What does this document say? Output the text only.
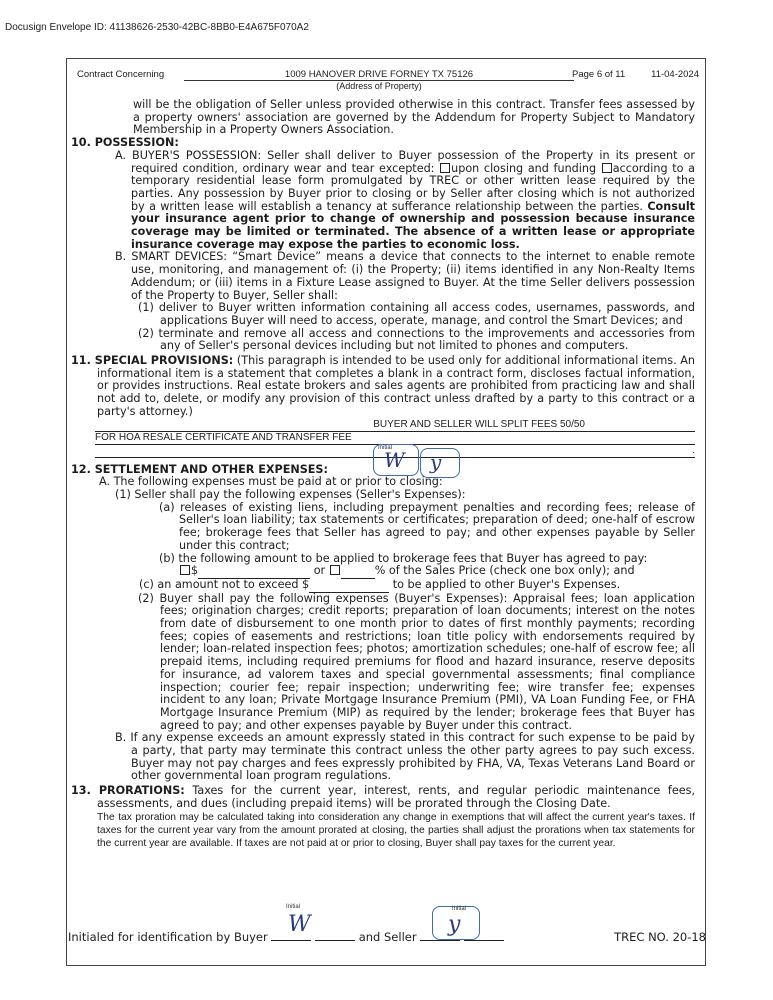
Docusign Envelope ID: 41138626-2530-42BC-8BB0-E4A675F070A2
Contract Concerning	1009 HANOVER DRIVE FORNEY TX 75126
(Address of Property)
Page 6 of 11	11-04-2024

will be the obligation of Seller unless provided otherwise in this contract. Transfer fees assessed by a property owners' association are governed by the Addendum for Property Subject to Mandatory Membership in a Property Owners Association.

10. POSSESSION:

A. BUYER'S POSSESSION: Seller shall deliver to Buyer possession of the Property in its present or required condition, ordinary wear and tear excepted: upon closing and funding according to a temporary residential lease form promulgated by TREC or other written lease required by the parties. Any possession by Buyer prior to closing or by Seller after closing which is not authorized by a written lease will establish a tenancy at sufferance relationship between the parties. Consult your insurance agent prior to change of ownership and possession because insurance coverage may be limited or terminated. The absence of a written lease or appropriate insurance coverage may expose the parties to economic loss.

B. SMART DEVICES: “Smart Device” means a device that connects to the internet to enable remote use, monitoring, and management of: (i) the Property; (ii) items identified in any Non-Realty Items Addendum; or (iii) items in a Fixture Lease assigned to Buyer. At the time Seller delivers possession of the Property to Buyer, Seller shall:

(1) deliver to Buyer written information containing all access codes, usernames, passwords, and applications Buyer will need to access, operate, manage, and control the Smart Devices; and

(2) terminate and remove all access and connections to the improvements and accessories from any of Seller's personal devices including but not limited to phones and computers.

11. SPECIAL PROVISIONS: (This paragraph is intended to be used only for additional informational items. An informational item is a statement that completes a blank in a contract form, discloses factual information, or provides instructions. Real estate brokers and sales agents are prohibited from practicing law and shall not add to, delete, or modify any provision of this contract unless drafted by a party to this contract or a party's attorney.)

BUYER AND SELLER WILL SPLIT FEES 50/50
FOR HOA RESALE CERTIFICATE AND TRANSFER FEE
.

12. SETTLEMENT AND OTHER EXPENSES:

A. The following expenses must be paid at or prior to closing:

(1) Seller shall pay the following expenses (Seller's Expenses):

(a) releases of existing liens, including prepayment penalties and recording fees; release of Seller's loan liability; tax statements or certificates; preparation of deed; one-half of escrow fee; brokerage fees that Seller has agreed to pay; and other expenses payable by Seller under this contract;

(b) the following amount to be applied to brokerage fees that Buyer has agreed to pay:
$	or	% of the Sales Price (check one box only); and

(c) an amount not to exceed $	to be applied to other Buyer's Expenses.

(2) Buyer shall pay the following expenses (Buyer's Expenses): Appraisal fees; loan application fees; origination charges; credit reports; preparation of loan documents; interest on the notes from date of disbursement to one month prior to dates of first monthly payments; recording fees; copies of easements and restrictions; loan title policy with endorsements required by lender; loan-related inspection fees; photos; amortization schedules; one-half of escrow fee; all prepaid items, including required premiums for flood and hazard insurance, reserve deposits for insurance, ad valorem taxes and special governmental assessments; final compliance inspection; courier fee; repair inspection; underwriting fee; wire transfer fee; expenses incident to any loan; Private Mortgage Insurance Premium (PMI), VA Loan Funding Fee, or FHA Mortgage Insurance Premium (MIP) as required by the lender; brokerage fees that Buyer has agreed to pay; and other expenses payable by Buyer under this contract.

B. If any expense exceeds an amount expressly stated in this contract for such expense to be paid by a party, that party may terminate this contract unless the other party agrees to pay such excess. Buyer may not pay charges and fees expressly prohibited by FHA, VA, Texas Veterans Land Board or other governmental loan program regulations.

13. PRORATIONS: Taxes for the current year, interest, rents, and regular periodic maintenance fees, assessments, and dues (including prepaid items) will be prorated through the Closing Date.

The tax proration may be calculated taking into consideration any change in exemptions that will affect the current year's taxes. If taxes for the current year vary from the amount prorated at closing, the parties shall adjust the prorations when tax statements for the current year are available. If taxes are not paid at or prior to closing, Buyer shall pay taxes for the current year.

Initialed for identification by Buyer	and Seller	TREC NO. 20-18
Initial
W y
Initial
W
Initial
y
